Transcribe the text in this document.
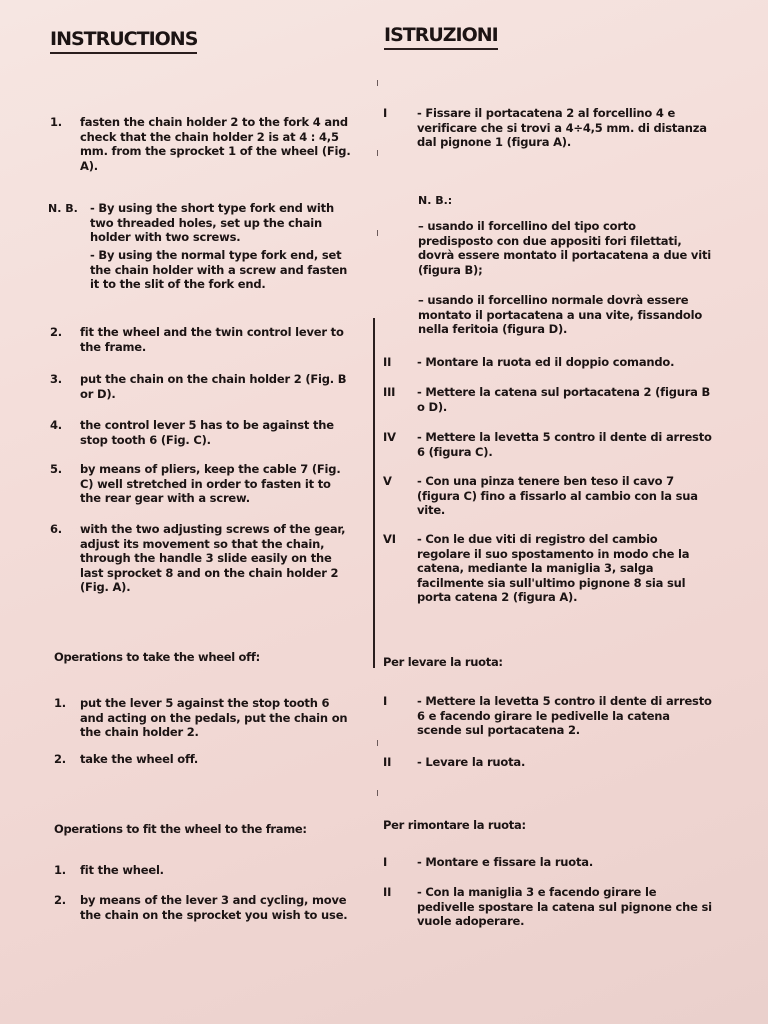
INSTRUCTIONS	ISTRUZIONI
1.	fasten the chain holder 2 to the fork 4 and check that the chain holder 2 is at 4 : 4,5 mm. from the sprocket 1 of the wheel (Fig. A).

N. B. - By using the short type fork end with two threaded holes, set up the chain holder with two screws.

- By using the normal type fork end, set the chain holder with a screw and fasten it to the slit of the fork end.

2.	fit the wheel and the twin control lever to the frame.

3.	put the chain on the chain holder 2 (Fig. B or D).

4.	the control lever 5 has to be against the stop tooth 6 (Fig. C).

5.	by means of pliers, keep the cable 7 (Fig. C) well stretched in order to fasten it to the rear gear with a screw.

6.	with the two adjusting screws of the gear, adjust its movement so that the chain, through the handle 3 slide easily on the last sprocket 8 and on the chain holder 2 (Fig. A).

Operations to take the wheel off:
1.	put the lever 5 against the stop tooth 6 and acting on the pedals, put the chain on the chain holder 2.

2.	take the wheel off.

Operations to fit the wheel to the frame:
1.	fit the wheel.

2.	by means of the lever 3 and cycling, move the chain on the sprocket you wish to use.

I	- Fissare il portacatena 2 al forcellino 4 e verificare che si trovi a 4÷4,5 mm. di distanza dal pignone 1 (figura A).

N. B.:

– usando il forcellino del tipo corto predisposto con due appositi fori filettati, dovrà essere montato il portacatena a due viti (figura B);

– usando il forcellino normale dovrà essere montato il portacatena a una vite, fissandolo nella feritoia (figura D).

II	- Montare la ruota ed il doppio comando.

III	- Mettere la catena sul portacatena 2 (figura B o D).

IV	- Mettere la levetta 5 contro il dente di arresto 6 (figura C).

V	- Con una pinza tenere ben teso il cavo 7 (figura C) fino a fissarlo al cambio con la sua vite.

VI	- Con le due viti di registro del cambio regolare il suo spostamento in modo che la catena, mediante la maniglia 3, salga facilmente sia sull'ultimo pignone 8 sia sul porta catena 2 (figura A).

Per levare la ruota:
I	- Mettere la levetta 5 contro il dente di arresto 6 e facendo girare le pedivelle la catena scende sul portacatena 2.

II	- Levare la ruota.

Per rimontare la ruota:
I	- Montare e fissare la ruota.

II	- Con la maniglia 3 e facendo girare le pedivelle spostare la catena sul pignone che si vuole adoperare.
